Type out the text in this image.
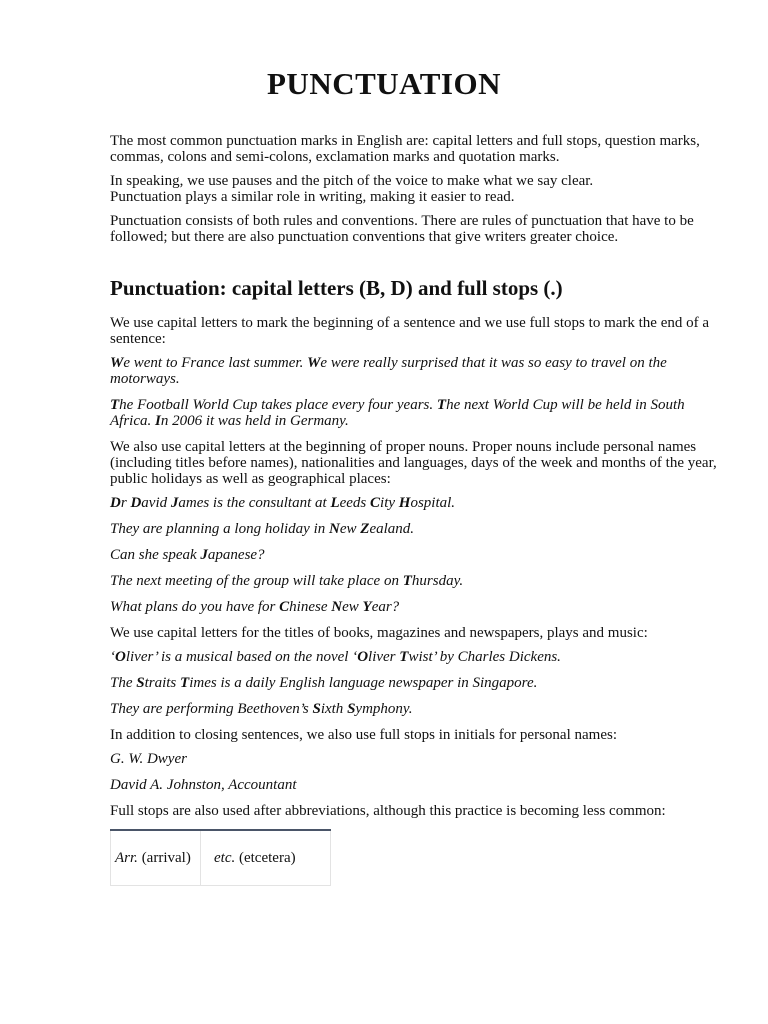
PUNCTUATION

The most common punctuation marks in English are: capital letters and full stops, question marks, commas, colons and semi-colons, exclamation marks and quotation marks.

In speaking, we use pauses and the pitch of the voice to make what we say clear.
Punctuation plays a similar role in writing, making it easier to read.

Punctuation consists of both rules and conventions. There are rules of punctuation that have to be followed; but there are also punctuation conventions that give writers greater choice.

Punctuation: capital letters (B, D) and full stops (.)

We use capital letters to mark the beginning of a sentence and we use full stops to mark the end of a sentence:

We went to France last summer. We were really surprised that it was so easy to travel on the motorways.

The Football World Cup takes place every four years. The next World Cup will be held in South Africa. In 2006 it was held in Germany.

We also use capital letters at the beginning of proper nouns. Proper nouns include personal names (including titles before names), nationalities and languages, days of the week and months of the year, public holidays as well as geographical places:

Dr David James is the consultant at Leeds City Hospital.

They are planning a long holiday in New Zealand.

Can she speak Japanese?

The next meeting of the group will take place on Thursday.

What plans do you have for Chinese New Year?

We use capital letters for the titles of books, magazines and newspapers, plays and music:

‘Oliver’ is a musical based on the novel ‘Oliver Twist’ by Charles Dickens.

The Straits Times is a daily English language newspaper in Singapore.

They are performing Beethoven’s Sixth Symphony.

In addition to closing sentences, we also use full stops in initials for personal names:

G. W. Dwyer

David A. Johnston, Accountant

Full stops are also used after abbreviations, although this practice is becoming less common:

Arr. (arrival)	etc. (etcetera)
